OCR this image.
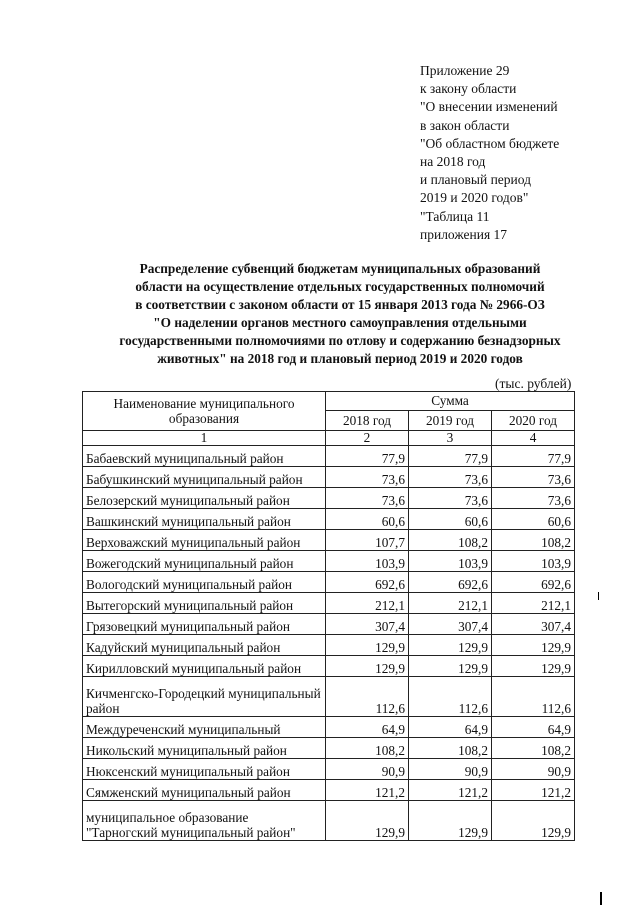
Приложение 29
к закону области
"О внесении изменений
в закон области
"Об областном бюджете
на 2018 год
и плановый период
2019 и 2020 годов"
"Таблица 11
приложения 17
Распределение субвенций бюджетам муниципальных образований
области на осуществление отдельных государственных полномочий
в соответствии с законом области от 15 января 2013 года № 2966-ОЗ
"О наделении органов местного самоуправления отдельными
государственными полномочиями по отлову и содержанию безнадзорных
животных" на 2018 год и плановый период 2019 и 2020 годов
(тыс. рублей)
Наименование муниципального образования	Сумма		
	2018 год	2019 год	2020 год
1	2	3	4
Бабаевский муниципальный район	77,9	77,9	77,9
Бабушкинский муниципальный район	73,6	73,6	73,6
Белозерский муниципальный район	73,6	73,6	73,6
Вашкинский муниципальный район	60,6	60,6	60,6
Верховажский муниципальный район	107,7	108,2	108,2
Вожегодский муниципальный район	103,9	103,9	103,9
Вологодский муниципальный район	692,6	692,6	692,6
Вытегорский муниципальный район	212,1	212,1	212,1
Грязовецкий муниципальный район	307,4	307,4	307,4
Кадуйский муниципальный район	129,9	129,9	129,9
Кирилловский муниципальный район	129,9	129,9	129,9
Кичменгско-Городецкий муниципальный район	112,6	112,6	112,6
Междуреченский муниципальный	64,9	64,9	64,9
Никольский муниципальный район	108,2	108,2	108,2
Нюксенский муниципальный район	90,9	90,9	90,9
Сямженский муниципальный район	121,2	121,2	121,2
муниципальное образование "Тарногский муниципальный район"	129,9	129,9	129,9
